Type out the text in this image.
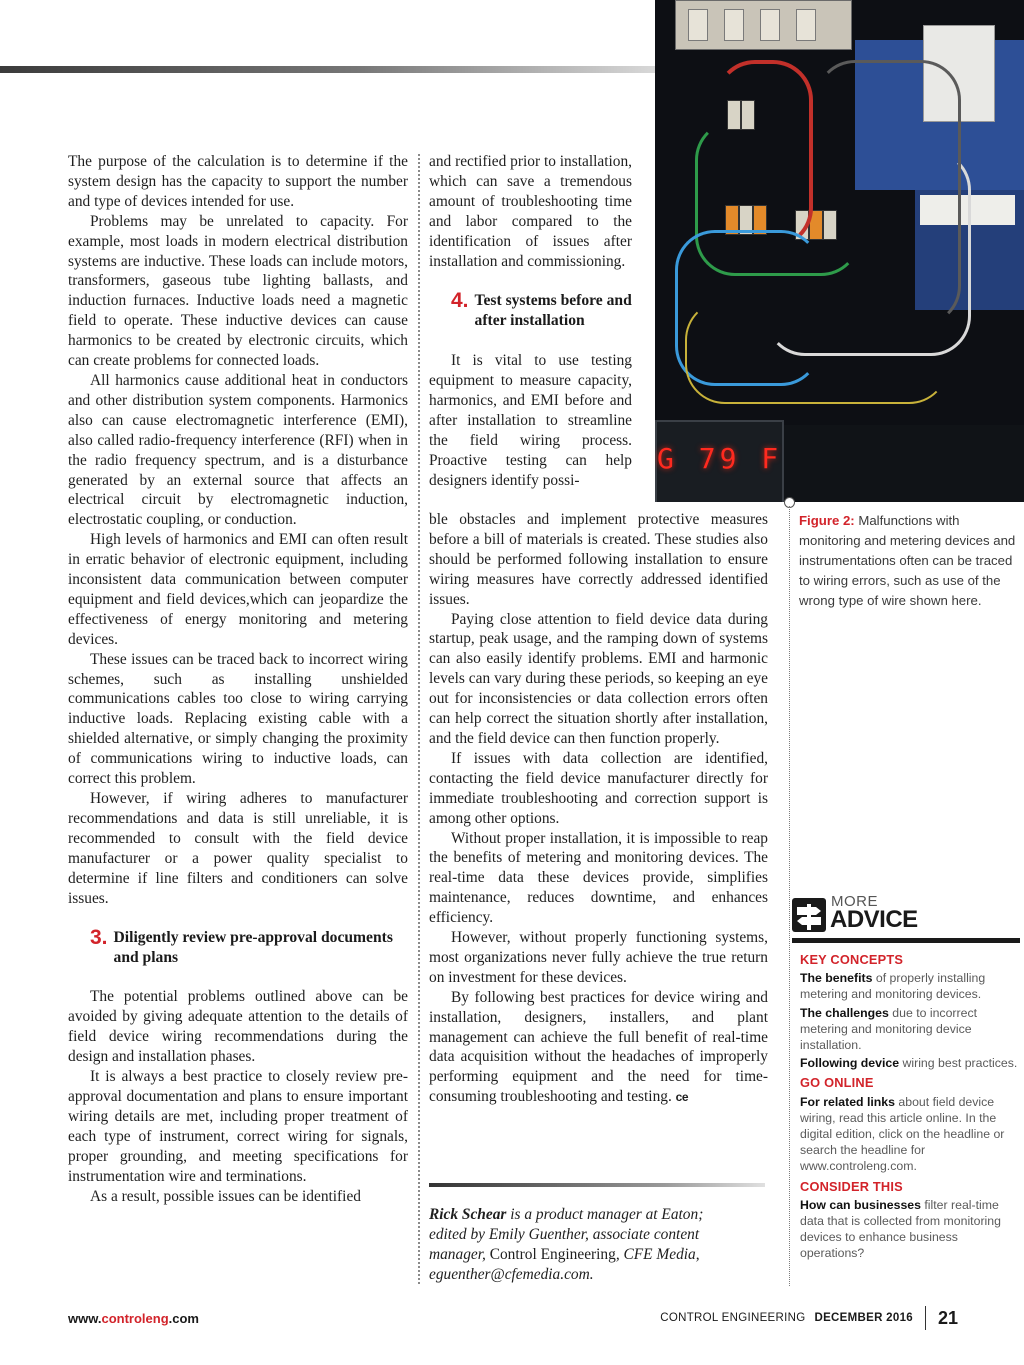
The purpose of the calculation is to determine if the system design has the capacity to support the number and type of devices intended for use.

Problems may be unrelated to capacity. For example, most loads in modern electrical distribution systems are inductive. These loads can include motors, transformers, gaseous tube lighting ballasts, and induction furnaces. Inductive loads need a magnetic field to operate. These inductive devices can cause harmonics to be created by electronic circuits, which can create problems for connected loads.

All harmonics cause additional heat in conductors and other distribution system components. Harmonics also can cause electromagnetic interference (EMI), also called radio-frequency interference (RFI) when in the radio frequency spectrum, and is a disturbance generated by an external source that affects an electrical circuit by electromagnetic induction, electrostatic coupling, or conduction.

High levels of harmonics and EMI can often result in erratic behavior of electronic equipment, including inconsistent data communication between computer equipment and field devices,which can jeopardize the effectiveness of energy monitoring and metering devices.

These issues can be traced back to incorrect wiring schemes, such as installing unshielded communications cables too close to wiring carrying inductive loads. Replacing existing cable with a shielded alternative, or simply changing the proximity of communications wiring to inductive loads, can correct this problem.

However, if wiring adheres to manufacturer recommendations and data is still unreliable, it is recommended to consult with the field device manufacturer or a power quality specialist to determine if line filters and conditioners can solve issues.

3. Diligently review pre-approval documents and plans

The potential problems outlined above can be avoided by giving adequate attention to the details of field device wiring recommendations during the design and installation phases.

It is always a best practice to closely review pre-approval documentation and plans to ensure important wiring details are met, including proper treatment of each type of instrument, correct wiring for signals, proper grounding, and meeting specifications for instrumentation wire and terminations.

As a result, possible issues can be identified

and rectified prior to installation, which can save a tremendous amount of troubleshooting time and labor compared to the identification of issues after installation and commissioning.

4. Test systems before and after installation

It is vital to use testing equipment to measure capacity, harmonics, and EMI before and after installation to streamline the field wiring process. Proactive testing can help designers identify possi-

ble obstacles and implement protective measures before a bill of materials is created. These studies also should be performed following installation to ensure wiring measures have correctly addressed identified issues.

Paying close attention to field device data during startup, peak usage, and the ramping down of systems can also easily identify problems. EMI and harmonic levels can vary during these periods, so keeping an eye out for inconsistencies or data collection errors often can help correct the situation shortly after installation, and the field device can then function properly.

If issues with data collection are identified, contacting the field device manufacturer directly for immediate troubleshooting and correction support is among other options.

Without proper installation, it is impossible to reap the benefits of metering and monitoring devices. The real-time data these devices provide, simplifies maintenance, reduces downtime, and enhances efficiency.

However, without properly functioning systems, most organizations never fully achieve the true return on investment for these devices.

By following best practices for device wiring and installation, designers, installers, and plant management can achieve the full benefit of real-time data acquisition without the headaches of improperly performing equipment and the need for time-consuming troubleshooting and testing. ce

G 79 F
Figure 2: Malfunctions with monitoring and metering devices and instrumentations often can be traced to wiring errors, such as use of the wrong type of wire shown here.
MORE
ADVICE
KEY CONCEPTS
The benefits of properly installing metering and monitoring devices.
The challenges due to incorrect metering and monitoring device installation.
Following device wiring best practices.
GO ONLINE
For related links about field device wiring, read this article online. In the digital edition, click on the headline or search the headline for www.controleng.com.
CONSIDER THIS
How can businesses filter real-time data that is collected from monitoring devices to enhance business operations?
Rick Schear is a product manager at Eaton; edited by Emily Guenther, associate content manager, Control Engineering, CFE Media, eguenther@cfemedia.com.
www.controleng.com	CONTROL ENGINEERING DECEMBER 2016 21
